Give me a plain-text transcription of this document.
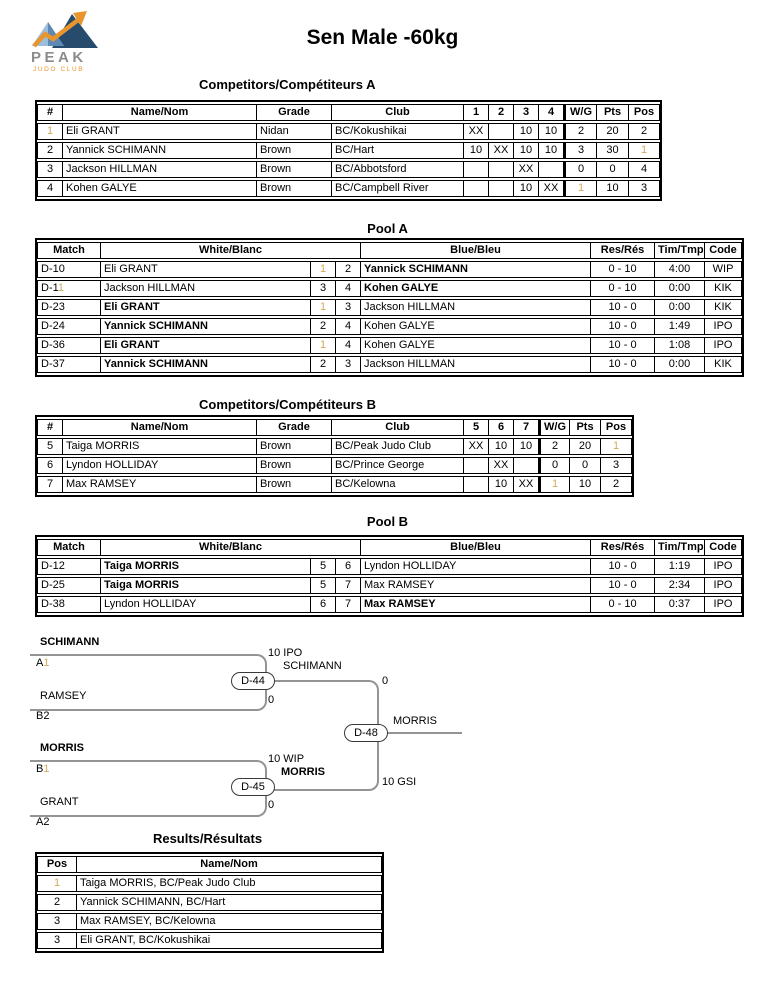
PEAK
JUDO CLUB
Sen Male -60kg
Competitors/Compétiteurs A
Pool A
Competitors/Compétiteurs B
Pool B
Results/Résultats
#	Name/Nom	Grade	Club	1	2	3	4	W/G	Pts	Pos
1	Eli GRANT	Nidan	BC/Kokushikai	XX		10	10	2	20	2
2	Yannick SCHIMANN	Brown	BC/Hart	10	XX	10	10	3	30	1
3	Jackson HILLMAN	Brown	BC/Abbotsford			XX		0	0	4
4	Kohen GALYE	Brown	BC/Campbell River			10	XX	1	10	3
Match	White/Blanc			Blue/Bleu	Res/Rés	Tim/Tmp	Code
D-10	Eli GRANT	1	2	Yannick SCHIMANN	0 - 10	4:00	WIP
D-11	Jackson HILLMAN	3	4	Kohen GALYE	0 - 10	0:00	KIK
D-23	Eli GRANT	1	3	Jackson HILLMAN	10 - 0	0:00	KIK
D-24	Yannick SCHIMANN	2	4	Kohen GALYE	10 - 0	1:49	IPO
D-36	Eli GRANT	1	4	Kohen GALYE	10 - 0	1:08	IPO
D-37	Yannick SCHIMANN	2	3	Jackson HILLMAN	10 - 0	0:00	KIK
#	Name/Nom	Grade	Club	5	6	7	W/G	Pts	Pos
5	Taiga MORRIS	Brown	BC/Peak Judo Club	XX	10	10	2	20	1
6	Lyndon HOLLIDAY	Brown	BC/Prince George		XX		0	0	3
7	Max RAMSEY	Brown	BC/Kelowna		10	XX	1	10	2
Match	White/Blanc			Blue/Bleu	Res/Rés	Tim/Tmp	Code
D-12	Taiga MORRIS	5	6	Lyndon HOLLIDAY	10 - 0	1:19	IPO
D-25	Taiga MORRIS	5	7	Max RAMSEY	10 - 0	2:34	IPO
D-38	Lyndon HOLLIDAY	6	7	Max RAMSEY	0 - 10	0:37	IPO
Pos	Name/Nom
1	Taiga MORRIS, BC/Peak Judo Club
2	Yannick SCHIMANN, BC/Hart
3	Max RAMSEY, BC/Kelowna
3	Eli GRANT, BC/Kokushikai
SCHIMANN
A1
RAMSEY
B2
10 IPO
SCHIMANN
0
D-44
MORRIS
B1
GRANT
A2
10 WIP
MORRIS
0
D-45
0
MORRIS
10 GSI
D-48
